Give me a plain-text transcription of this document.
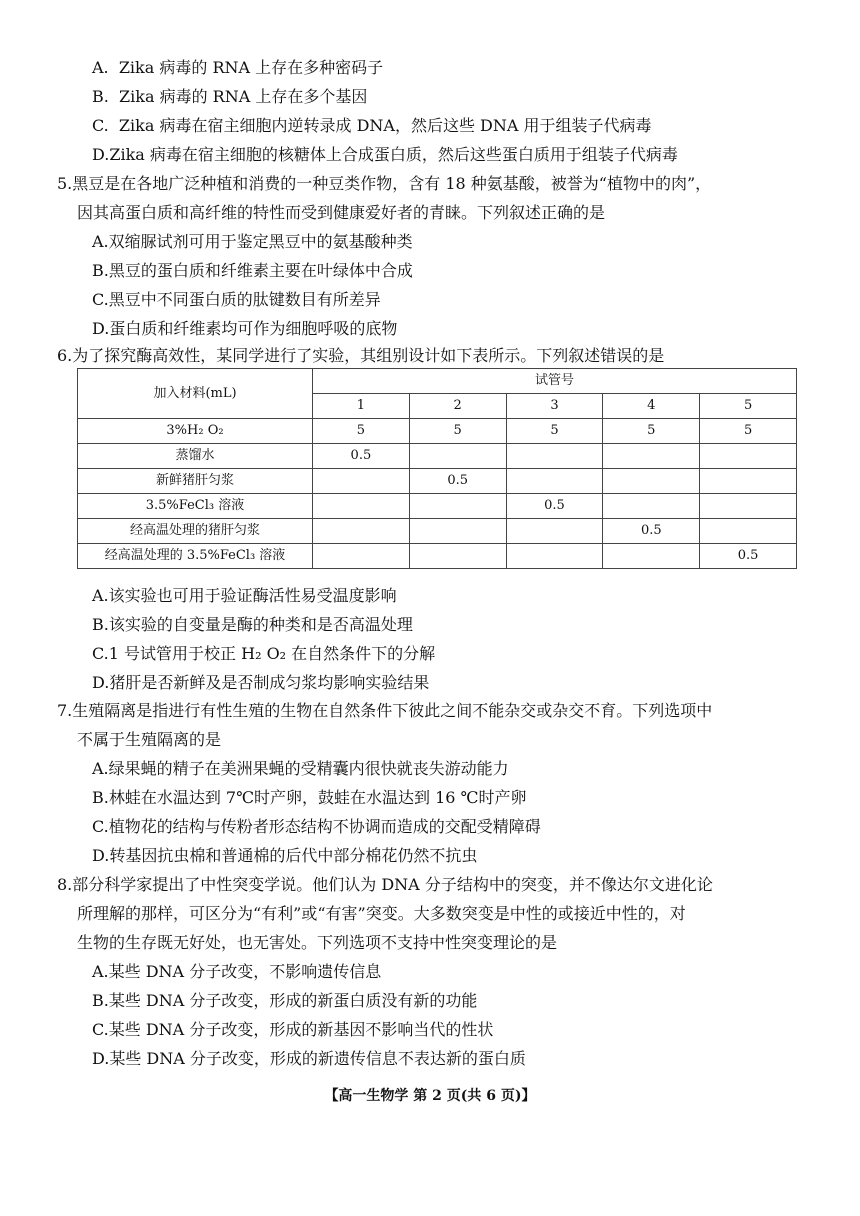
A.  Zika 病毒的 RNA 上存在多种密码子
B.  Zika 病毒的 RNA 上存在多个基因
C.  Zika 病毒在宿主细胞内逆转录成 DNA，然后这些 DNA 用于组装子代病毒
D.Zika 病毒在宿主细胞的核糖体上合成蛋白质，然后这些蛋白质用于组装子代病毒
5.黑豆是在各地广泛种植和消费的一种豆类作物，含有 18 种氨基酸，被誉为“植物中的肉”，
因其高蛋白质和高纤维的特性而受到健康爱好者的青睐。下列叙述正确的是
A.双缩脲试剂可用于鉴定黑豆中的氨基酸种类
B.黑豆的蛋白质和纤维素主要在叶绿体中合成
C.黑豆中不同蛋白质的肽键数目有所差异
D.蛋白质和纤维素均可作为细胞呼吸的底物
6.为了探究酶高效性，某同学进行了实验，其组别设计如下表所示。下列叙述错误的是
加入材料(mL)	试管号				
	1	2	3	4	5
3%H₂ O₂	5	5	5	5	5
蒸馏水	0.5				
新鲜猪肝匀浆		0.5			
3.5%FeCl₃ 溶液			0.5		
经高温处理的猪肝匀浆				0.5	
经高温处理的 3.5%FeCl₃ 溶液					0.5
A.该实验也可用于验证酶活性易受温度影响
B.该实验的自变量是酶的种类和是否高温处理
C.1 号试管用于校正 H₂ O₂ 在自然条件下的分解
D.猪肝是否新鲜及是否制成匀浆均影响实验结果
7.生殖隔离是指进行有性生殖的生物在自然条件下彼此之间不能杂交或杂交不育。下列选项中
不属于生殖隔离的是
A.绿果蝇的精子在美洲果蝇的受精囊内很快就丧失游动能力
B.林蛙在水温达到 7℃时产卵，鼓蛙在水温达到 16 ℃时产卵
C.植物花的结构与传粉者形态结构不协调而造成的交配受精障碍
D.转基因抗虫棉和普通棉的后代中部分棉花仍然不抗虫
8.部分科学家提出了中性突变学说。他们认为 DNA 分子结构中的突变，并不像达尔文进化论
所理解的那样，可区分为“有利”或“有害”突变。大多数突变是中性的或接近中性的，对
生物的生存既无好处，也无害处。下列选项不支持中性突变理论的是
A.某些 DNA 分子改变，不影响遗传信息
B.某些 DNA 分子改变，形成的新蛋白质没有新的功能
C.某些 DNA 分子改变，形成的新基因不影响当代的性状
D.某些 DNA 分子改变，形成的新遗传信息不表达新的蛋白质
【高一生物学 第 2 页(共 6 页)】
